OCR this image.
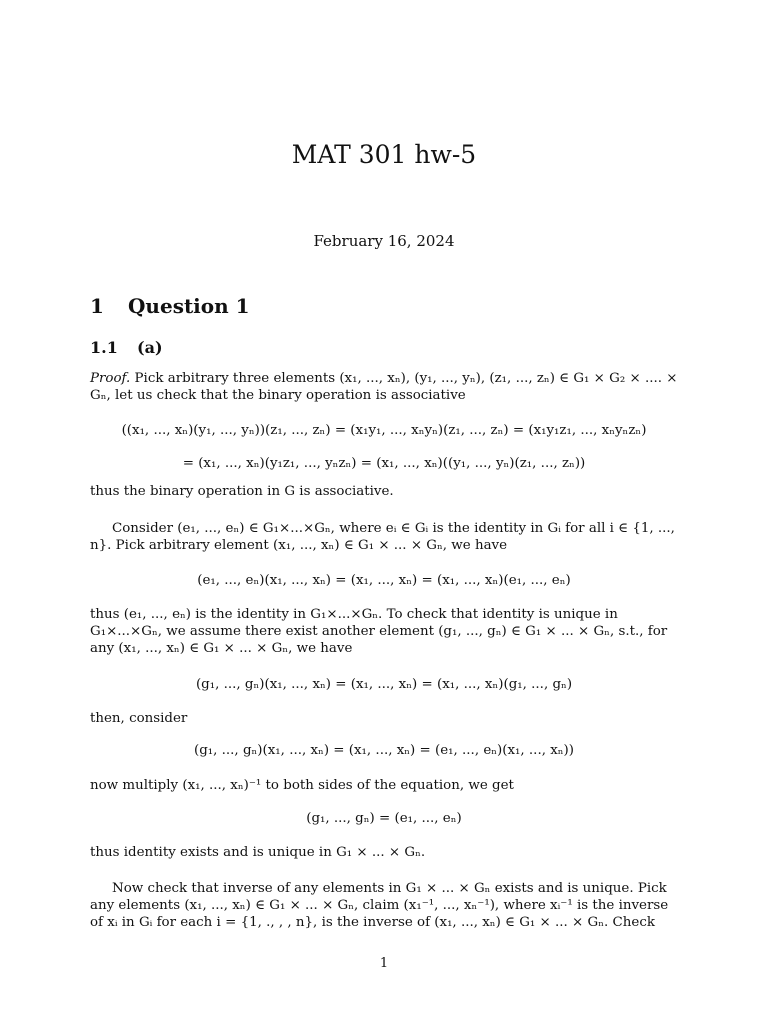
MAT 301 hw-5

February 16, 2024

1 Question 1
1.1 (a)

Proof. Pick arbitrary three elements (x₁, ..., xₙ), (y₁, ..., yₙ), (z₁, ..., zₙ) ∈ G₁ × G₂ × .... × Gₙ, let us check that the binary operation is associative

((x₁, ..., xₙ)(y₁, ..., yₙ))(z₁, ..., zₙ) = (x₁y₁, ..., xₙyₙ)(z₁, ..., zₙ) = (x₁y₁z₁, ..., xₙyₙzₙ)

= (x₁, ..., xₙ)(y₁z₁, ..., yₙzₙ) = (x₁, ..., xₙ)((y₁, ..., yₙ)(z₁, ..., zₙ))

thus the binary operation in G is associative.

Consider (e₁, ..., eₙ) ∈ G₁×...×Gₙ, where eᵢ ∈ Gᵢ is the identity in Gᵢ for all i ∈ {1, ..., n}. Pick arbitrary element (x₁, ..., xₙ) ∈ G₁ × ... × Gₙ, we have

(e₁, ..., eₙ)(x₁, ..., xₙ) = (x₁, ..., xₙ) = (x₁, ..., xₙ)(e₁, ..., eₙ)

thus (e₁, ..., eₙ) is the identity in G₁×...×Gₙ. To check that identity is unique in G₁×...×Gₙ, we assume there exist another element (g₁, ..., gₙ) ∈ G₁ × ... × Gₙ, s.t., for any (x₁, ..., xₙ) ∈ G₁ × ... × Gₙ, we have

(g₁, ..., gₙ)(x₁, ..., xₙ) = (x₁, ..., xₙ) = (x₁, ..., xₙ)(g₁, ..., gₙ)

then, consider

(g₁, ..., gₙ)(x₁, ..., xₙ) = (x₁, ..., xₙ) = (e₁, ..., eₙ)(x₁, ..., xₙ))

now multiply (x₁, ..., xₙ)⁻¹ to both sides of the equation, we get

(g₁, ..., gₙ) = (e₁, ..., eₙ)

thus identity exists and is unique in G₁ × ... × Gₙ.

Now check that inverse of any elements in G₁ × ... × Gₙ exists and is unique. Pick any elements (x₁, ..., xₙ) ∈ G₁ × ... × Gₙ, claim (x₁⁻¹, ..., xₙ⁻¹), where xᵢ⁻¹ is the inverse of xᵢ in Gᵢ for each i = {1, ., , , n}, is the inverse of (x₁, ..., xₙ) ∈ G₁ × ... × Gₙ. Check

1
